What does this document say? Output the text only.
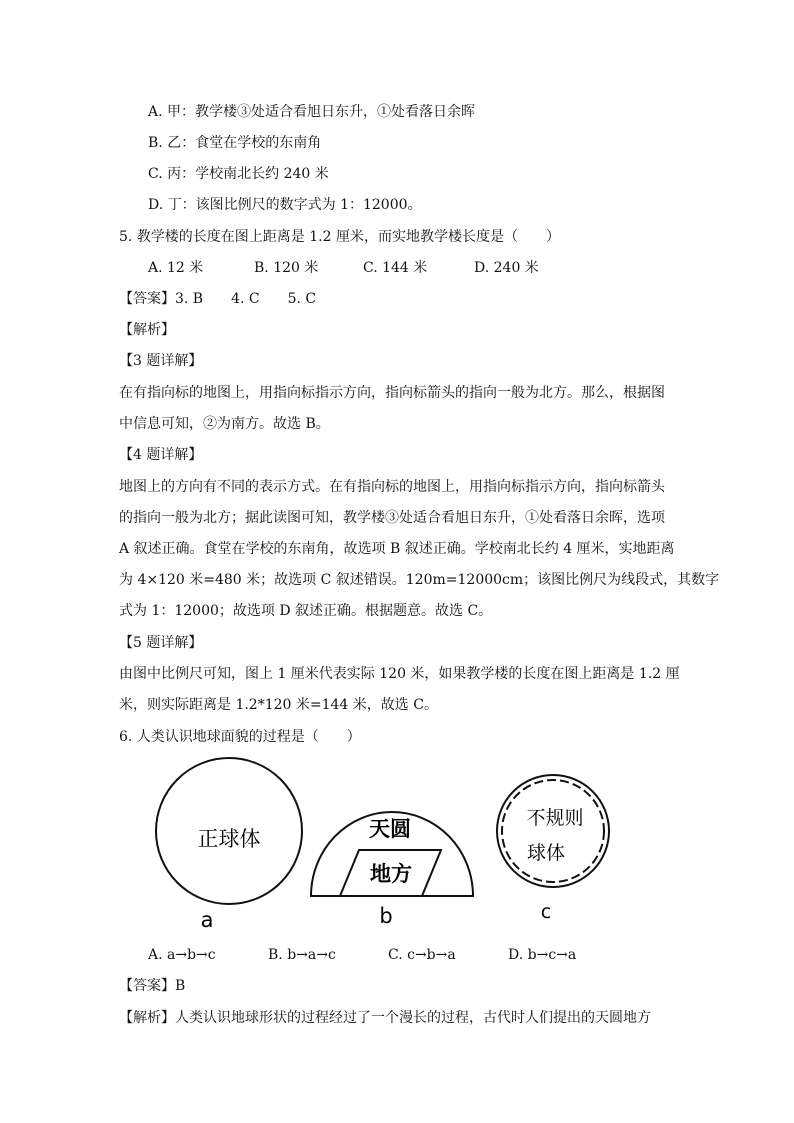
A. 甲：教学楼③处适合看旭日东升，①处看落日余晖
B. 乙：食堂在学校的东南角
C. 丙：学校南北长约 240 米
D. 丁：该图比例尺的数字式为 1：12000。
5. 教学楼的长度在图上距离是 1.2 厘米，而实地教学楼长度是（　　）
A. 12 米	B. 120 米	C. 144 米	D. 240 米
【答案】3. B　　4. C　　5. C
【解析】
【3 题详解】
在有指向标的地图上，用指向标指示方向，指向标箭头的指向一般为北方。那么，根据图
中信息可知，②为南方。故选 B。
【4 题详解】
地图上的方向有不同的表示方式。在有指向标的地图上，用指向标指示方向，指向标箭头
的指向一般为北方；据此读图可知，教学楼③处适合看旭日东升，①处看落日余晖，选项
A 叙述正确。食堂在学校的东南角，故选项 B 叙述正确。学校南北长约 4 厘米，实地距离
为 4×120 米=480 米；故选项 C 叙述错误。120m=12000cm；该图比例尺为线段式，其数字
式为 1：12000；故选项 D 叙述正确。根据题意。故选 C。
【5 题详解】
由图中比例尺可知，图上 1 厘米代表实际 120 米，如果教学楼的长度在图上距离是 1.2 厘
米，则实际距离是 1.2*120 米=144 米，故选 C。
6. 人类认识地球面貌的过程是（　　）
正球体
a
天圆
地方
b
不规则
球体
c
A. a→b→c	B. b→a→c	C. c→b→a	D. b→c→a
【答案】B
【解析】人类认识地球形状的过程经过了一个漫长的过程，古代时人们提出的天圆地方
